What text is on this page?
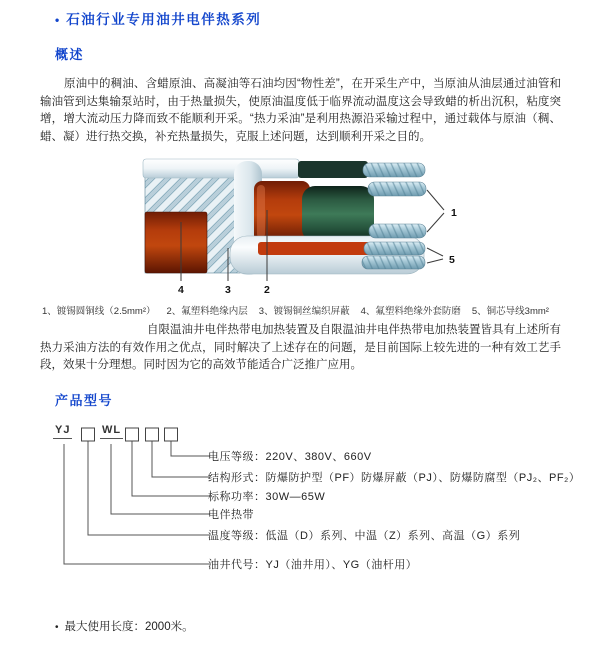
• 石油行业专用油井电伴热系列
概述
原油中的稠油、含蜡原油、高凝油等石油均因“物性差”，在开采生产中，当原油从油层通过油管和输油管到达集输泵站时，由于热量损失，使原油温度低于临界流动温度这会导致蜡的析出沉积，粘度突增，增大流动压力降而致不能顺利开采。“热力采油”是利用热源沿采输过程中，通过载体与原油（稠、蜡、凝）进行热交换，补充热量损失，克服上述问题，达到顺利开采之目的。
1
5
2
3
4
1、镀锡圆铜线（2.5mm²） 2、氟塑料绝缘内层 3、镀锡铜丝编织屏蔽 4、氟塑料绝缘外套防磨 5、铜芯导线3mm²
自限温油井电伴热带电加热装置及自限温油井电伴热带电加热装置皆具有上述所有热力采油方法的有效作用之优点，同时解决了上述存在的问题，是目前国际上较先进的一种有效工艺手段，效果十分理想。同时因为它的高效节能适合广泛推广应用。
产品型号
YJ	WL
电压等级：220V、380V、660V
结构形式：防爆防护型（PF）防爆屏蔽（PJ）、防爆防腐型（PJ₂、PF₂）
标称功率：30W—65W
电伴热带
温度等级：低温（D）系列、中温（Z）系列、高温（G）系列
油井代号：YJ（油井用）、YG（油杆用）
• 最大使用长度：2000米。
